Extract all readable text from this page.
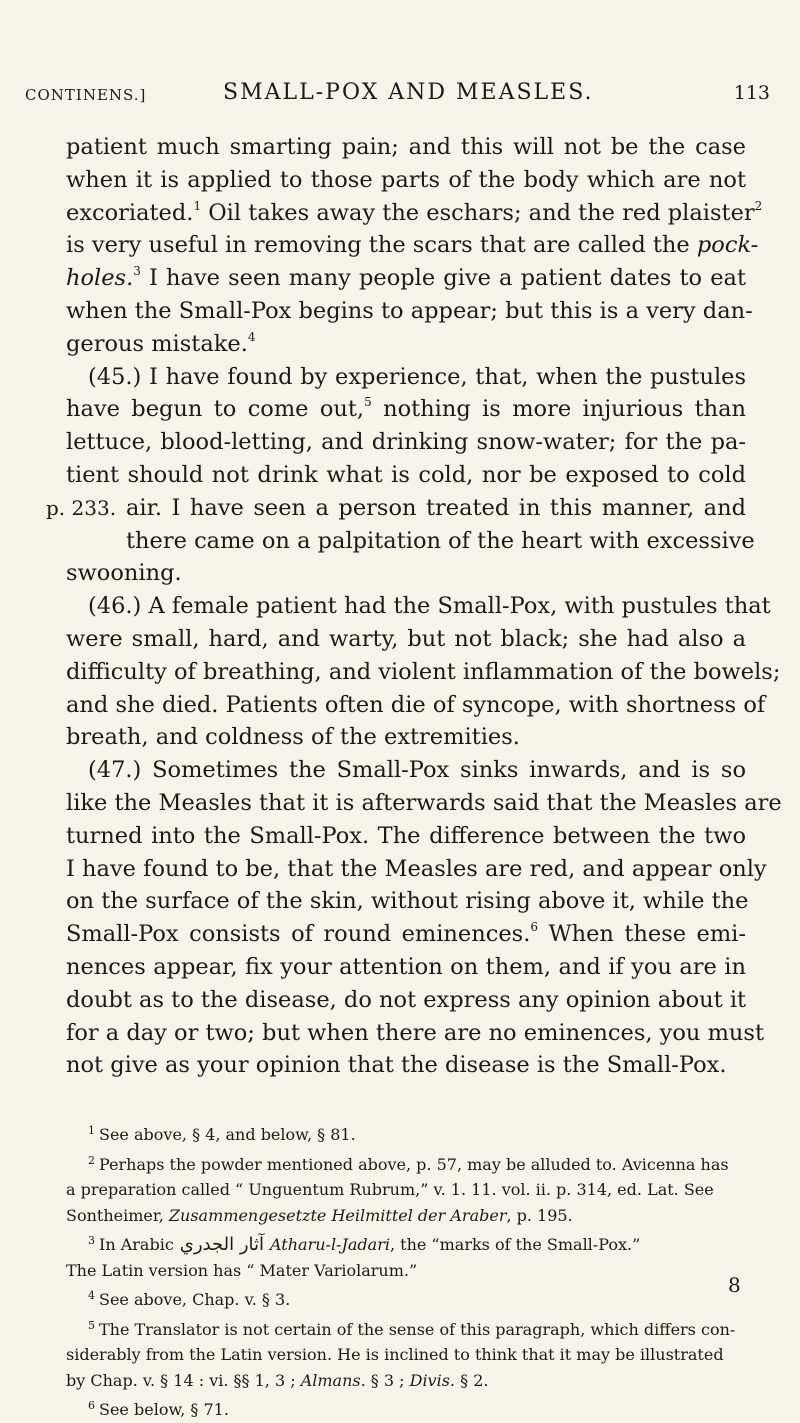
CONTINENS.]	SMALL-POX AND MEASLES.	113
patient much smarting pain; and this will not be the case
when it is applied to those parts of the body which are not
excoriated.$^1$ Oil takes away the eschars; and the red plaister$^2$
is very useful in removing the scars that are called the pock-
holes.$^3$ I have seen many people give a patient dates to eat
when the Small-Pox begins to appear; but this is a very dan-
gerous mistake.$^4$
(45.) I have found by experience, that, when the pustules
have begun to come out,$^5$ nothing is more injurious than
lettuce, blood-letting, and drinking snow-water; for the pa-
tient should not drink what is cold, nor be exposed to cold
p. 233. air. I have seen a person treated in this manner, and
there came on a palpitation of the heart with excessive
swooning.
(46.) A female patient had the Small-Pox, with pustules that
were small, hard, and warty, but not black; she had also a
difficulty of breathing, and violent inflammation of the bowels;
and she died. Patients often die of syncope, with shortness of
breath, and coldness of the extremities.
(47.) Sometimes the Small-Pox sinks inwards, and is so
like the Measles that it is afterwards said that the Measles are
turned into the Small-Pox. The difference between the two
I have found to be, that the Measles are red, and appear only
on the surface of the skin, without rising above it, while the
Small-Pox consists of round eminences.$^6$ When these emi-
nences appear, fix your attention on them, and if you are in
doubt as to the disease, do not express any opinion about it
for a day or two; but when there are no eminences, you must
not give as your opinion that the disease is the Small-Pox.
$^1$ See above, § 4, and below, § 81.
$^2$ Perhaps the powder mentioned above, p. 57, may be alluded to. Avicenna has
a preparation called “ Unguentum Rubrum,” v. 1. 11. vol. ii. p. 314, ed. Lat. See
Sontheimer, Zusammengesetzte Heilmittel der Araber, p. 195.
$^3$ In Arabic آثار الجدري Atharu-l-Jadari, the “marks of the Small-Pox.”
The Latin version has “ Mater Variolarum.”
$^4$ See above, Chap. v. § 3.
$^5$ The Translator is not certain of the sense of this paragraph, which differs con-
siderably from the Latin version. He is inclined to think that it may be illustrated
by Chap. v. § 14 : vi. §§ 1, 3 ; Almans. § 3 ; Divis. § 2.
$^6$ See below, § 71.
8
